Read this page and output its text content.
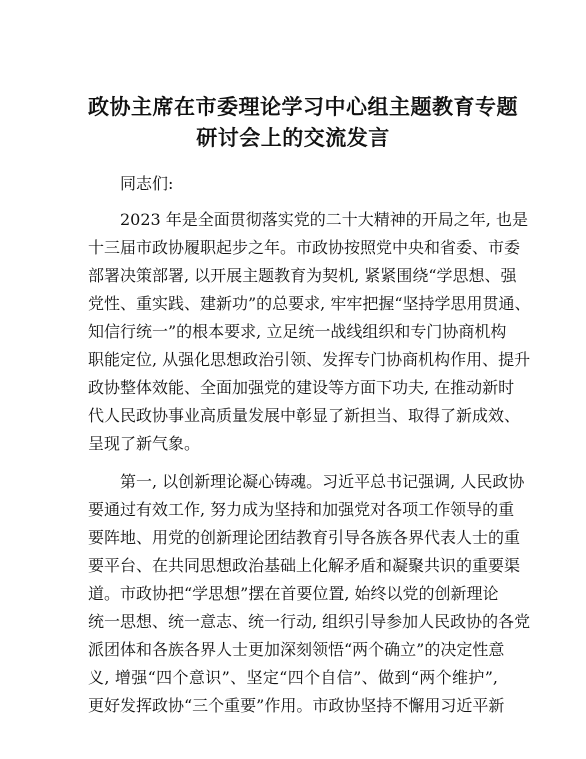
政协主席在市委理论学习中心组主题教育专题
研讨会上的交流发言

同志们:

2023 年是全面贯彻落实党的二十大精神的开局之年, 也是
十三届市政协履职起步之年。市政协按照党中央和省委、市委
部署决策部署, 以开展主题教育为契机, 紧紧围绕“学思想、强
党性、重实践、建新功”的总要求, 牢牢把握“坚持学思用贯通、
知信行统一”的根本要求, 立足统一战线组织和专门协商机构
职能定位, 从强化思想政治引领、发挥专门协商机构作用、提升
政协整体效能、全面加强党的建设等方面下功夫, 在推动新时
代人民政协事业高质量发展中彰显了新担当、取得了新成效、
呈现了新气象。

第一, 以创新理论凝心铸魂。习近平总书记强调, 人民政协
要通过有效工作, 努力成为坚持和加强党对各项工作领导的重
要阵地、用党的创新理论团结教育引导各族各界代表人士的重
要平台、在共同思想政治基础上化解矛盾和凝聚共识的重要渠
道。市政协把“学思想”摆在首要位置, 始终以党的创新理论
统一思想、统一意志、统一行动, 组织引导参加人民政协的各党
派团体和各族各界人士更加深刻领悟“两个确立”的决定性意
义, 增强“四个意识”、坚定“四个自信”、做到“两个维护”,
更好发挥政协“三个重要”作用。市政协坚持不懈用习近平新
